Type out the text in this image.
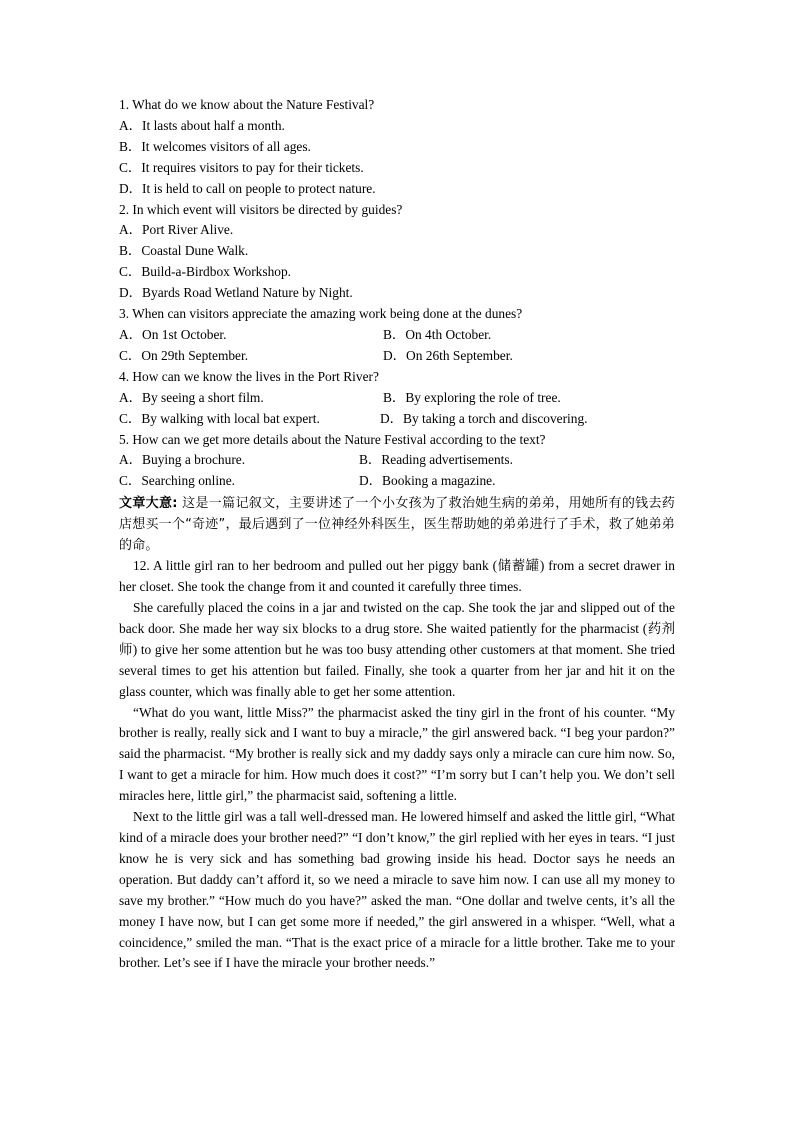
1. What do we know about the Nature Festival?
A．It lasts about half a month.
B．It welcomes visitors of all ages.
C．It requires visitors to pay for their tickets.
D．It is held to call on people to protect nature.
2. In which event will visitors be directed by guides?
A．Port River Alive.
B．Coastal Dune Walk.
C．Build-a-Birdbox Workshop.
D．Byards Road Wetland Nature by Night.
3. When can visitors appreciate the amazing work being done at the dunes?
A．On 1st October.	B．On 4th October.
C．On 29th September.	D．On 26th September.
4. How can we know the lives in the Port River?
A．By seeing a short film.	B．By exploring the role of tree.
C．By walking with local bat expert.	D．By taking a torch and discovering.
5. How can we get more details about the Nature Festival according to the text?
A．Buying a brochure.	B．Reading advertisements.
C．Searching online.	D．Booking a magazine.
文章大意: 这是一篇记叙文，主要讲述了一个小女孩为了救治她生病的弟弟，用她所有的钱去药店想买一个“奇迹”，最后遇到了一位神经外科医生，医生帮助她的弟弟进行了手术，救了她弟弟的命。
12. A little girl ran to her bedroom and pulled out her piggy bank (储蓄罐) from a secret drawer in her closet. She took the change from it and counted it carefully three times.
She carefully placed the coins in a jar and twisted on the cap. She took the jar and slipped out of the back door. She made her way six blocks to a drug store. She waited patiently for the pharmacist (药剂师) to give her some attention but he was too busy attending other customers at that moment. She tried several times to get his attention but failed. Finally, she took a quarter from her jar and hit it on the glass counter, which was finally able to get her some attention.
“What do you want, little Miss?” the pharmacist asked the tiny girl in the front of his counter. “My brother is really, really sick and I want to buy a miracle,” the girl answered back. “I beg your pardon?” said the pharmacist. “My brother is really sick and my daddy says only a miracle can cure him now. So, I want to get a miracle for him. How much does it cost?” “I’m sorry but I can’t help you. We don’t sell miracles here, little girl,” the pharmacist said, softening a little.
Next to the little girl was a tall well-dressed man. He lowered himself and asked the little girl, “What kind of a miracle does your brother need?” “I don’t know,” the girl replied with her eyes in tears. “I just know he is very sick and has something bad growing inside his head. Doctor says he needs an operation. But daddy can’t afford it, so we need a miracle to save him now. I can use all my money to save my brother.” “How much do you have?” asked the man. “One dollar and twelve cents, it’s all the money I have now, but I can get some more if needed,” the girl answered in a whisper. “Well, what a coincidence,” smiled the man. “That is the exact price of a miracle for a little brother. Take me to your brother. Let’s see if I have the miracle your brother needs.”
